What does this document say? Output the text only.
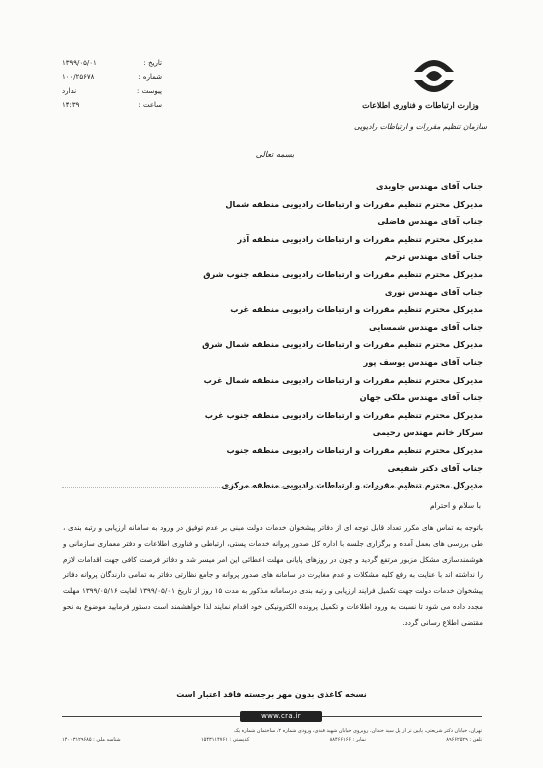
تاریخ :
۱۳۹۹/۰۵/۰۱
شماره :
۱۰۰/۲۵۶۷۸
پیوست :
ندارد
ساعت :
۱۴:۳۹	وزارت ارتباطات و فناوری اطلاعات
سازمان تنظیم مقررات و ارتباطات رادیویی
بسمه تعالی
جناب آقای مهندس جاویدی
مدیرکل محترم تنظیم مقررات و ارتباطات رادیویی منطقه شمال
جناب آقای مهندس فاضلی
مدیرکل محترم تنظیم مقررات و ارتباطات رادیویی منطقه آذر
جناب آقای مهندس ترحم
مدیرکل محترم تنظیم مقررات و ارتباطات رادیویی منطقه جنوب شرق
جناب آقای مهندس نوری
مدیرکل محترم تنظیم مقررات و ارتباطات رادیویی منطقه غرب
جناب آقای مهندس شمسایی
مدیرکل محترم تنظیم مقررات و ارتباطات رادیویی منطقه شمال شرق
جناب آقای مهندس یوسف پور
مدیرکل محترم تنظیم مقررات و ارتباطات رادیویی منطقه شمال غرب
جناب آقای مهندس ملکی جهان
مدیرکل محترم تنظیم مقررات و ارتباطات رادیویی منطقه جنوب غرب
سرکار خانم مهندس رحیمی
مدیرکل محترم تنظیم مقررات و ارتباطات رادیویی منطقه جنوب
جناب آقای دکتر شفیعی
مدیرکل محترم تنظیم مقررات و ارتباطات رادیویی منطقه مرکزی
با سلام و احترام

باتوجه به تماس های مکرر تعداد قابل توجه ای از دفاتر پیشخوان خدمات دولت مبنی بر عدم توفیق در ورود به سامانه ارزیابی و رتبه بندی ، طی بررسی های بعمل آمده و برگزاری جلسه با اداره کل صدور پروانه خدمات پستی، ارتباطی و فناوری اطلاعات و دفتر معماری سازمانی و هوشمندسازی مشکل مزبور مرتفع گردید و چون در روزهای پایانی مهلت اعطائی این امر میسر شد و دفاتر فرصت کافی جهت اقدامات لازم را نداشته اند با عنایت به رفع کلیه مشکلات و عدم مغایرت در سامانه های صدور پروانه و جامع نظارتی دفاتر به تمامی دارندگان پروانه دفاتر پیشخوان خدمات دولت جهت تکمیل فرایند ارزیابی و رتبه بندی درسامانه مذکور به مدت ۱۵ روز از تاریخ ۱۳۹۹/۰۵/۰۱ لغایت ۱۳۹۹/۰۵/۱۶ مهلت مجدد داده می شود تا نسبت به ورود اطلاعات و تکمیل پرونده الکترونیکی خود اقدام نمایند لذا خواهشمند است دستور فرمایید موضوع به نحو مقتضی اطلاع رسانی گردد.

نسخه کاغذی بدون مهر برجسته فاقد اعتبار است
www.cra.ir
تهران، خیابان دکتر شریعتی، پایین تر از پل سید خندان، روبروی خیابان شهید قندی، ورودی شماره ۲، ساختمان شماره یک
تلفن : ۸۹۶۶۲۵۲۹
نمابر : ۸۸۴۶۶۱۶۶
کدپستی : ۱۵۴۳۱۱۴۷۶۱
شناسه ملی : ۱۴۰۰۳۱۲۹۶۸۵
